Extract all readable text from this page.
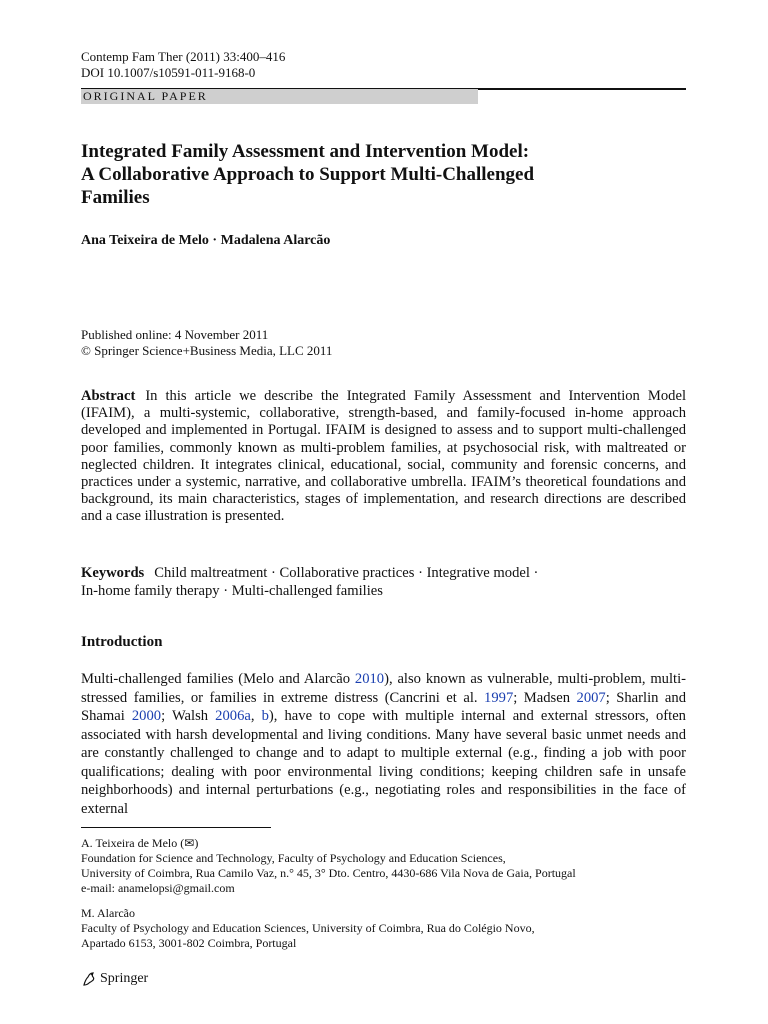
Contemp Fam Ther (2011) 33:400–416
DOI 10.1007/s10591-011-9168-0
ORIGINAL PAPER
Integrated Family Assessment and Intervention Model:
A Collaborative Approach to Support Multi-Challenged
Families
Ana Teixeira de Melo · Madalena Alarcão
Published online: 4 November 2011
© Springer Science+Business Media, LLC 2011

Abstract In this article we describe the Integrated Family Assessment and Intervention Model (IFAIM), a multi-systemic, collaborative, strength-based, and family-focused in-home approach developed and implemented in Portugal. IFAIM is designed to assess and to support multi-challenged poor families, commonly known as multi-problem families, at psychosocial risk, with maltreated or neglected children. It integrates clinical, educational, social, community and forensic concerns, and practices under a systemic, narrative, and collaborative umbrella. IFAIM’s theoretical foundations and background, its main characteristics, stages of implementation, and research directions are described and a case illustration is presented.

Keywords Child maltreatment · Collaborative practices · Integrative model ·
In-home family therapy · Multi-challenged families

Introduction

Multi-challenged families (Melo and Alarcão 2010), also known as vulnerable, multi-problem, multi-stressed families, or families in extreme distress (Cancrini et al. 1997; Madsen 2007; Sharlin and Shamai 2000; Walsh 2006a, b), have to cope with multiple internal and external stressors, often associated with harsh developmental and living conditions. Many have several basic unmet needs and are constantly challenged to change and to adapt to multiple external (e.g., finding a job with poor qualifications; dealing with poor environmental living conditions; keeping children safe in unsafe neighborhoods) and internal perturbations (e.g., negotiating roles and responsibilities in the face of external

A. Teixeira de Melo (✉)
Foundation for Science and Technology, Faculty of Psychology and Education Sciences,
University of Coimbra, Rua Camilo Vaz, n.° 45, 3° Dto. Centro, 4430-686 Vila Nova de Gaia, Portugal
e-mail: anamelopsi@gmail.com
M. Alarcão
Faculty of Psychology and Education Sciences, University of Coimbra, Rua do Colégio Novo,
Apartado 6153, 3001-802 Coimbra, Portugal
Springer
